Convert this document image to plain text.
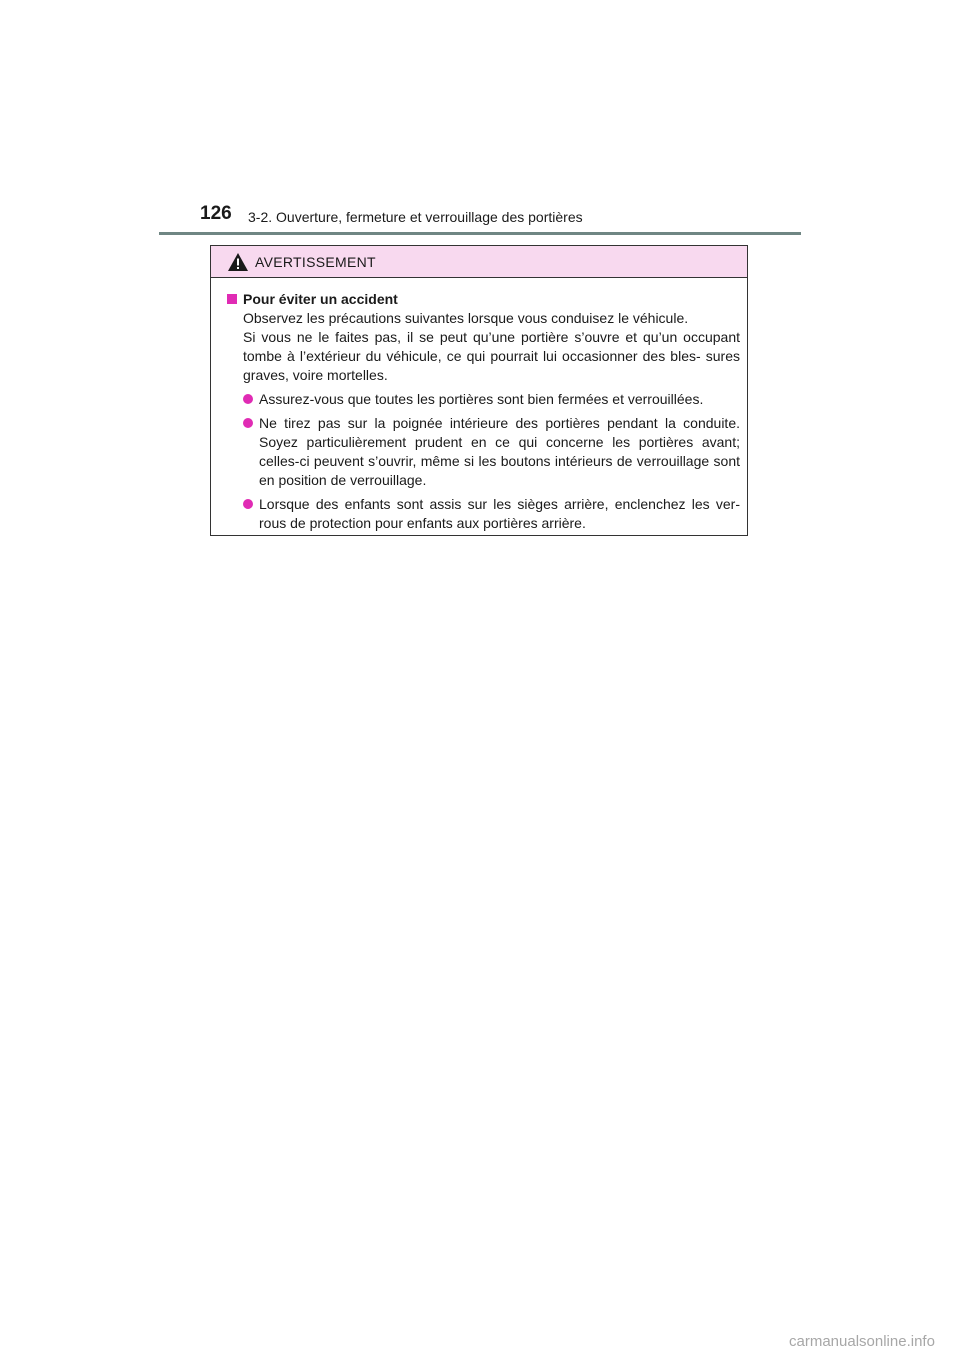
126 3-2. Ouverture, fermeture et verrouillage des portières
AVERTISSEMENT
Pour éviter un accident
Observez les précautions suivantes lorsque vous conduisez le véhicule.
Si vous ne le faites pas, il se peut qu’une portière s’ouvre et qu’un occupant tombe à l’extérieur du véhicule, ce qui pourrait lui occasionner des bles- sures graves, voire mortelles.
Assurez-vous que toutes les portières sont bien fermées et verrouillées.
Ne tirez pas sur la poignée intérieure des portières pendant la conduite. Soyez particulièrement prudent en ce qui concerne les portières avant; celles-ci peuvent s’ouvrir, même si les boutons intérieurs de verrouillage sont en position de verrouillage.
Lorsque des enfants sont assis sur les sièges arrière, enclenchez les ver- rous de protection pour enfants aux portières arrière.
carmanualsonline.info
